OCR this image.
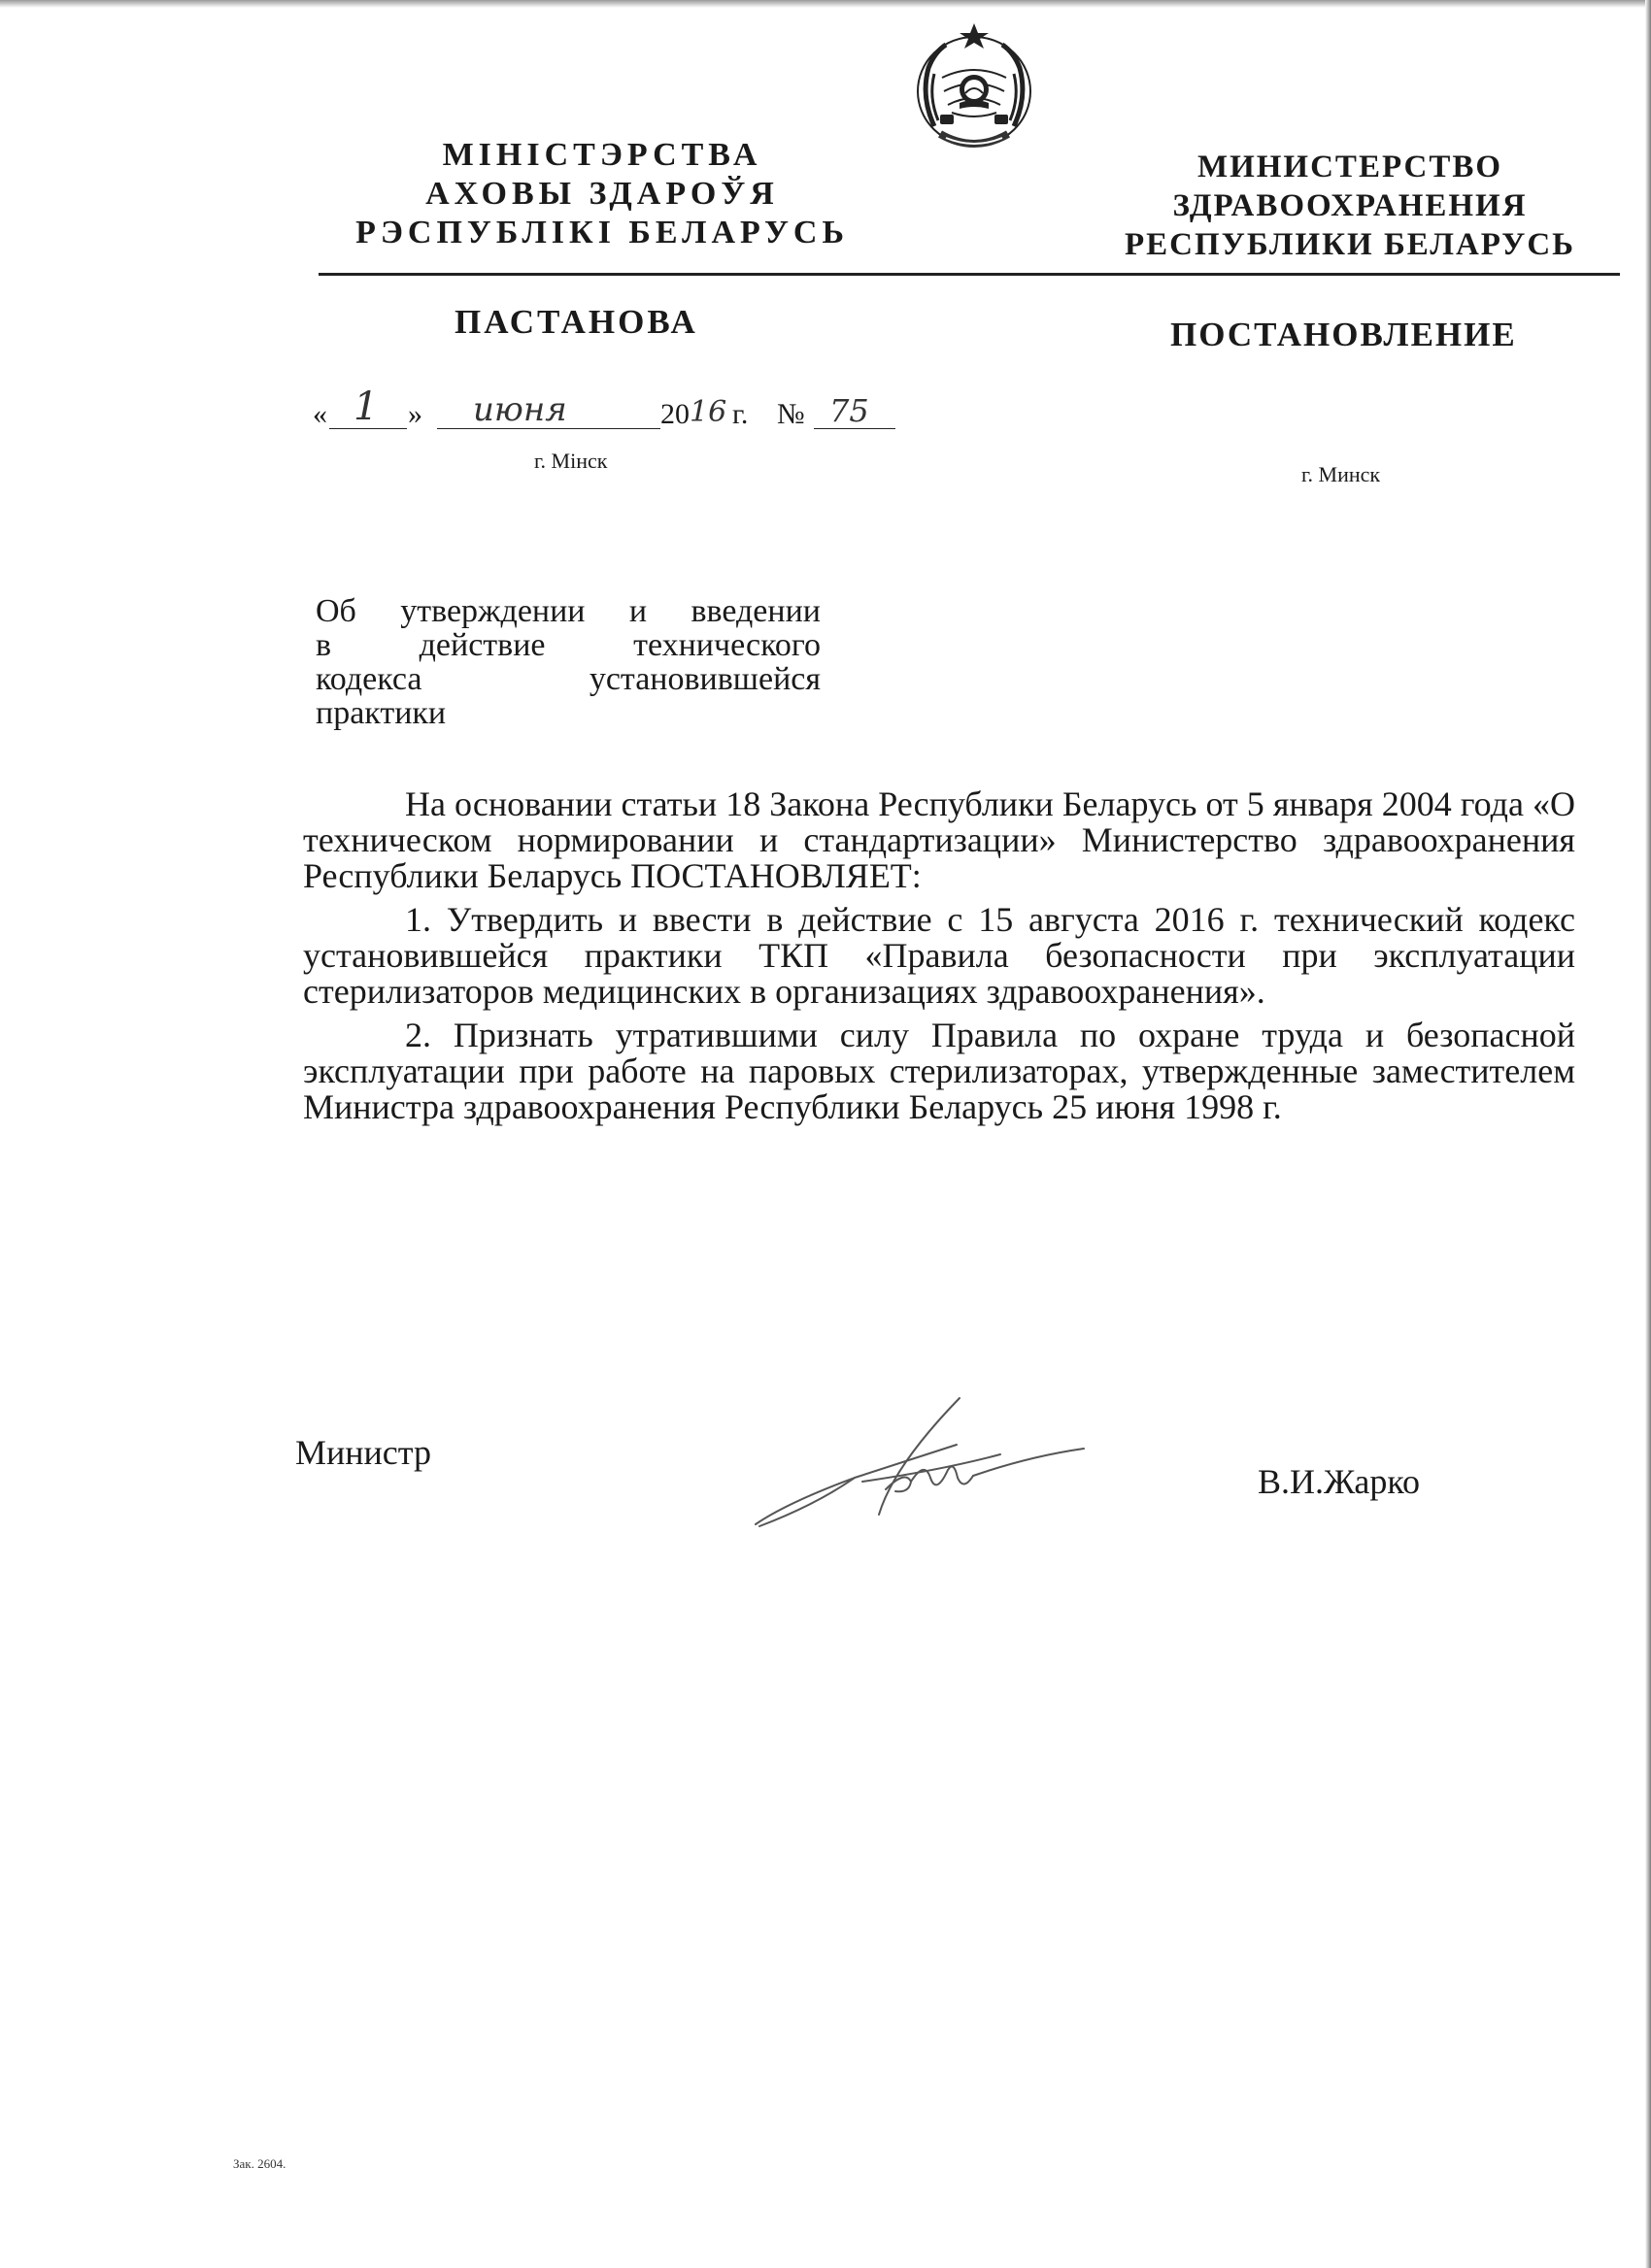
МІНІСТЭРСТВА
АХОВЫ ЗДАРОЎЯ
РЭСПУБЛІКІ БЕЛАРУСЬ
МИНИСТЕРСТВО
ЗДРАВООХРАНЕНИЯ
РЕСПУБЛИКИ БЕЛАРУСЬ
ПАСТАНОВА	ПОСТАНОВЛЕНИЕ
« 1 » июня	20 16 г. № 75
г. Мінск
г. Минск
Об утверждении и введении
в действие технического
кодекса установившейся
практики

На основании статьи 18 Закона Республики Беларусь от 5 января 2004 года «О техническом нормировании и стандартизации» Министерство здравоохранения Республики Беларусь ПОСТАНОВЛЯЕТ:

1. Утвердить и ввести в действие с 15 августа 2016 г. технический кодекс установившейся практики ТКП «Правила безопасности при эксплуатации стерилизаторов медицинских в организациях здравоохранения».

2. Признать утратившими силу Правила по охране труда и безопасной эксплуатации при работе на паровых стерилизаторах, утвержденные заместителем Министра здравоохранения Республики Беларусь 25 июня 1998 г.

Министр
В.И.Жарко
Зак. 2604.
